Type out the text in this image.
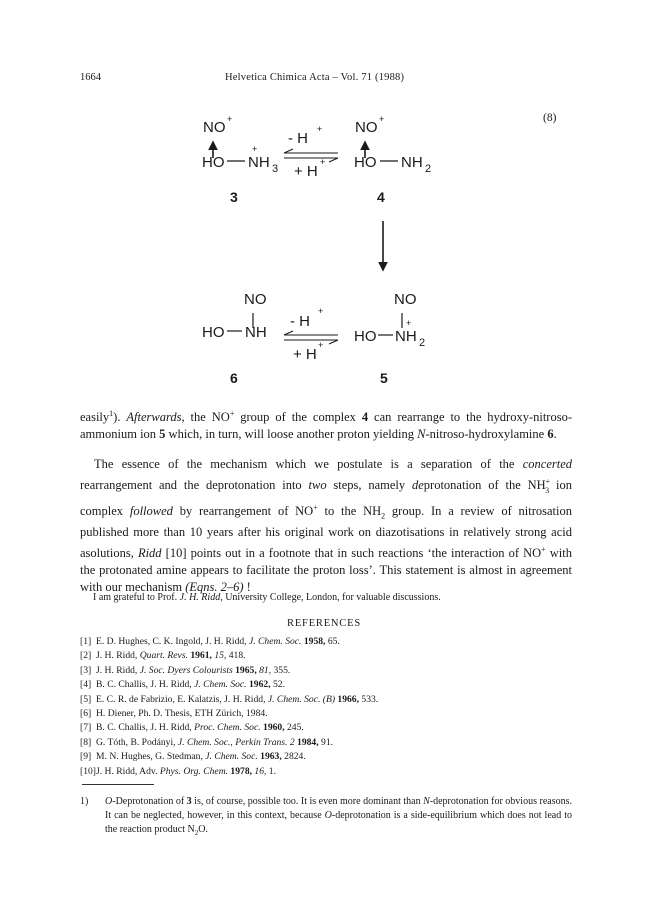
1664	Helvetica Chimica Acta – Vol. 71 (1988)
(8)
NO +
HO
+
NH 3
3
- H
+
+ H
+
NO +
HO NH 2
4
NO
HO NH
6
- H
+
+ H
+
NO
+
HO NH 2
5

easily$^1$). Afterwards, the NO+ group of the complex 4 can rearrange to the hydroxy-nitroso-ammonium ion 5 which, in turn, will loose another proton yielding N-nitroso-hydroxylamine 6.

The essence of the mechanism which we postulate is a separation of the concerted rearrangement and the deprotonation into two steps, namely deprotonation of the $NH^+_3$ ion complex followed by rearrangement of NO+ to the $NH_2$ group. In a review of nitrosation published more than 10 years after his original work on diazotisations in relatively strong acid asolutions, Ridd [10] points out in a footnote that in such reactions ‘the interaction of NO+ with the protonated amine appears to facilitate the proton loss’. This statement is almost in agreement with our mechanism (Eqns. 2–6) !

I am grateful to Prof. J. H. Ridd, University College, London, for valuable discussions.
REFERENCES
[1] E. D. Hughes, C. K. Ingold, J. H. Ridd, J. Chem. Soc. 1958, 65.
[2] J. H. Ridd, Quart. Revs. 1961, 15, 418.
[3] J. H. Ridd, J. Soc. Dyers Colourists 1965, 81, 355.
[4] B. C. Challis, J. H. Ridd, J. Chem. Soc. 1962, 52.
[5] E. C. R. de Fabrizio, E. Kalatzis, J. H. Ridd, J. Chem. Soc. (B) 1966, 533.
[6] H. Diener, Ph. D. Thesis, ETH Zürich, 1984.
[7] B. C. Challis, J. H. Ridd, Proc. Chem. Soc. 1960, 245.
[8] G. Tóth, B. Podányi, J. Chem. Soc., Perkin Trans. 2 1984, 91.
[9] M. N. Hughes, G. Stedman, J. Chem. Soc. 1963, 2824.
[10]J. H. Ridd, Adv. Phys. Org. Chem. 1978, 16, 1.
1) O-Deprotonation of 3 is, of course, possible too. It is even more dominant than N-deprotonation for obvious reasons. It can be neglected, however, in this context, because O-deprotonation is a side-equilibrium which does not lead to the reaction product $N_2O$.
